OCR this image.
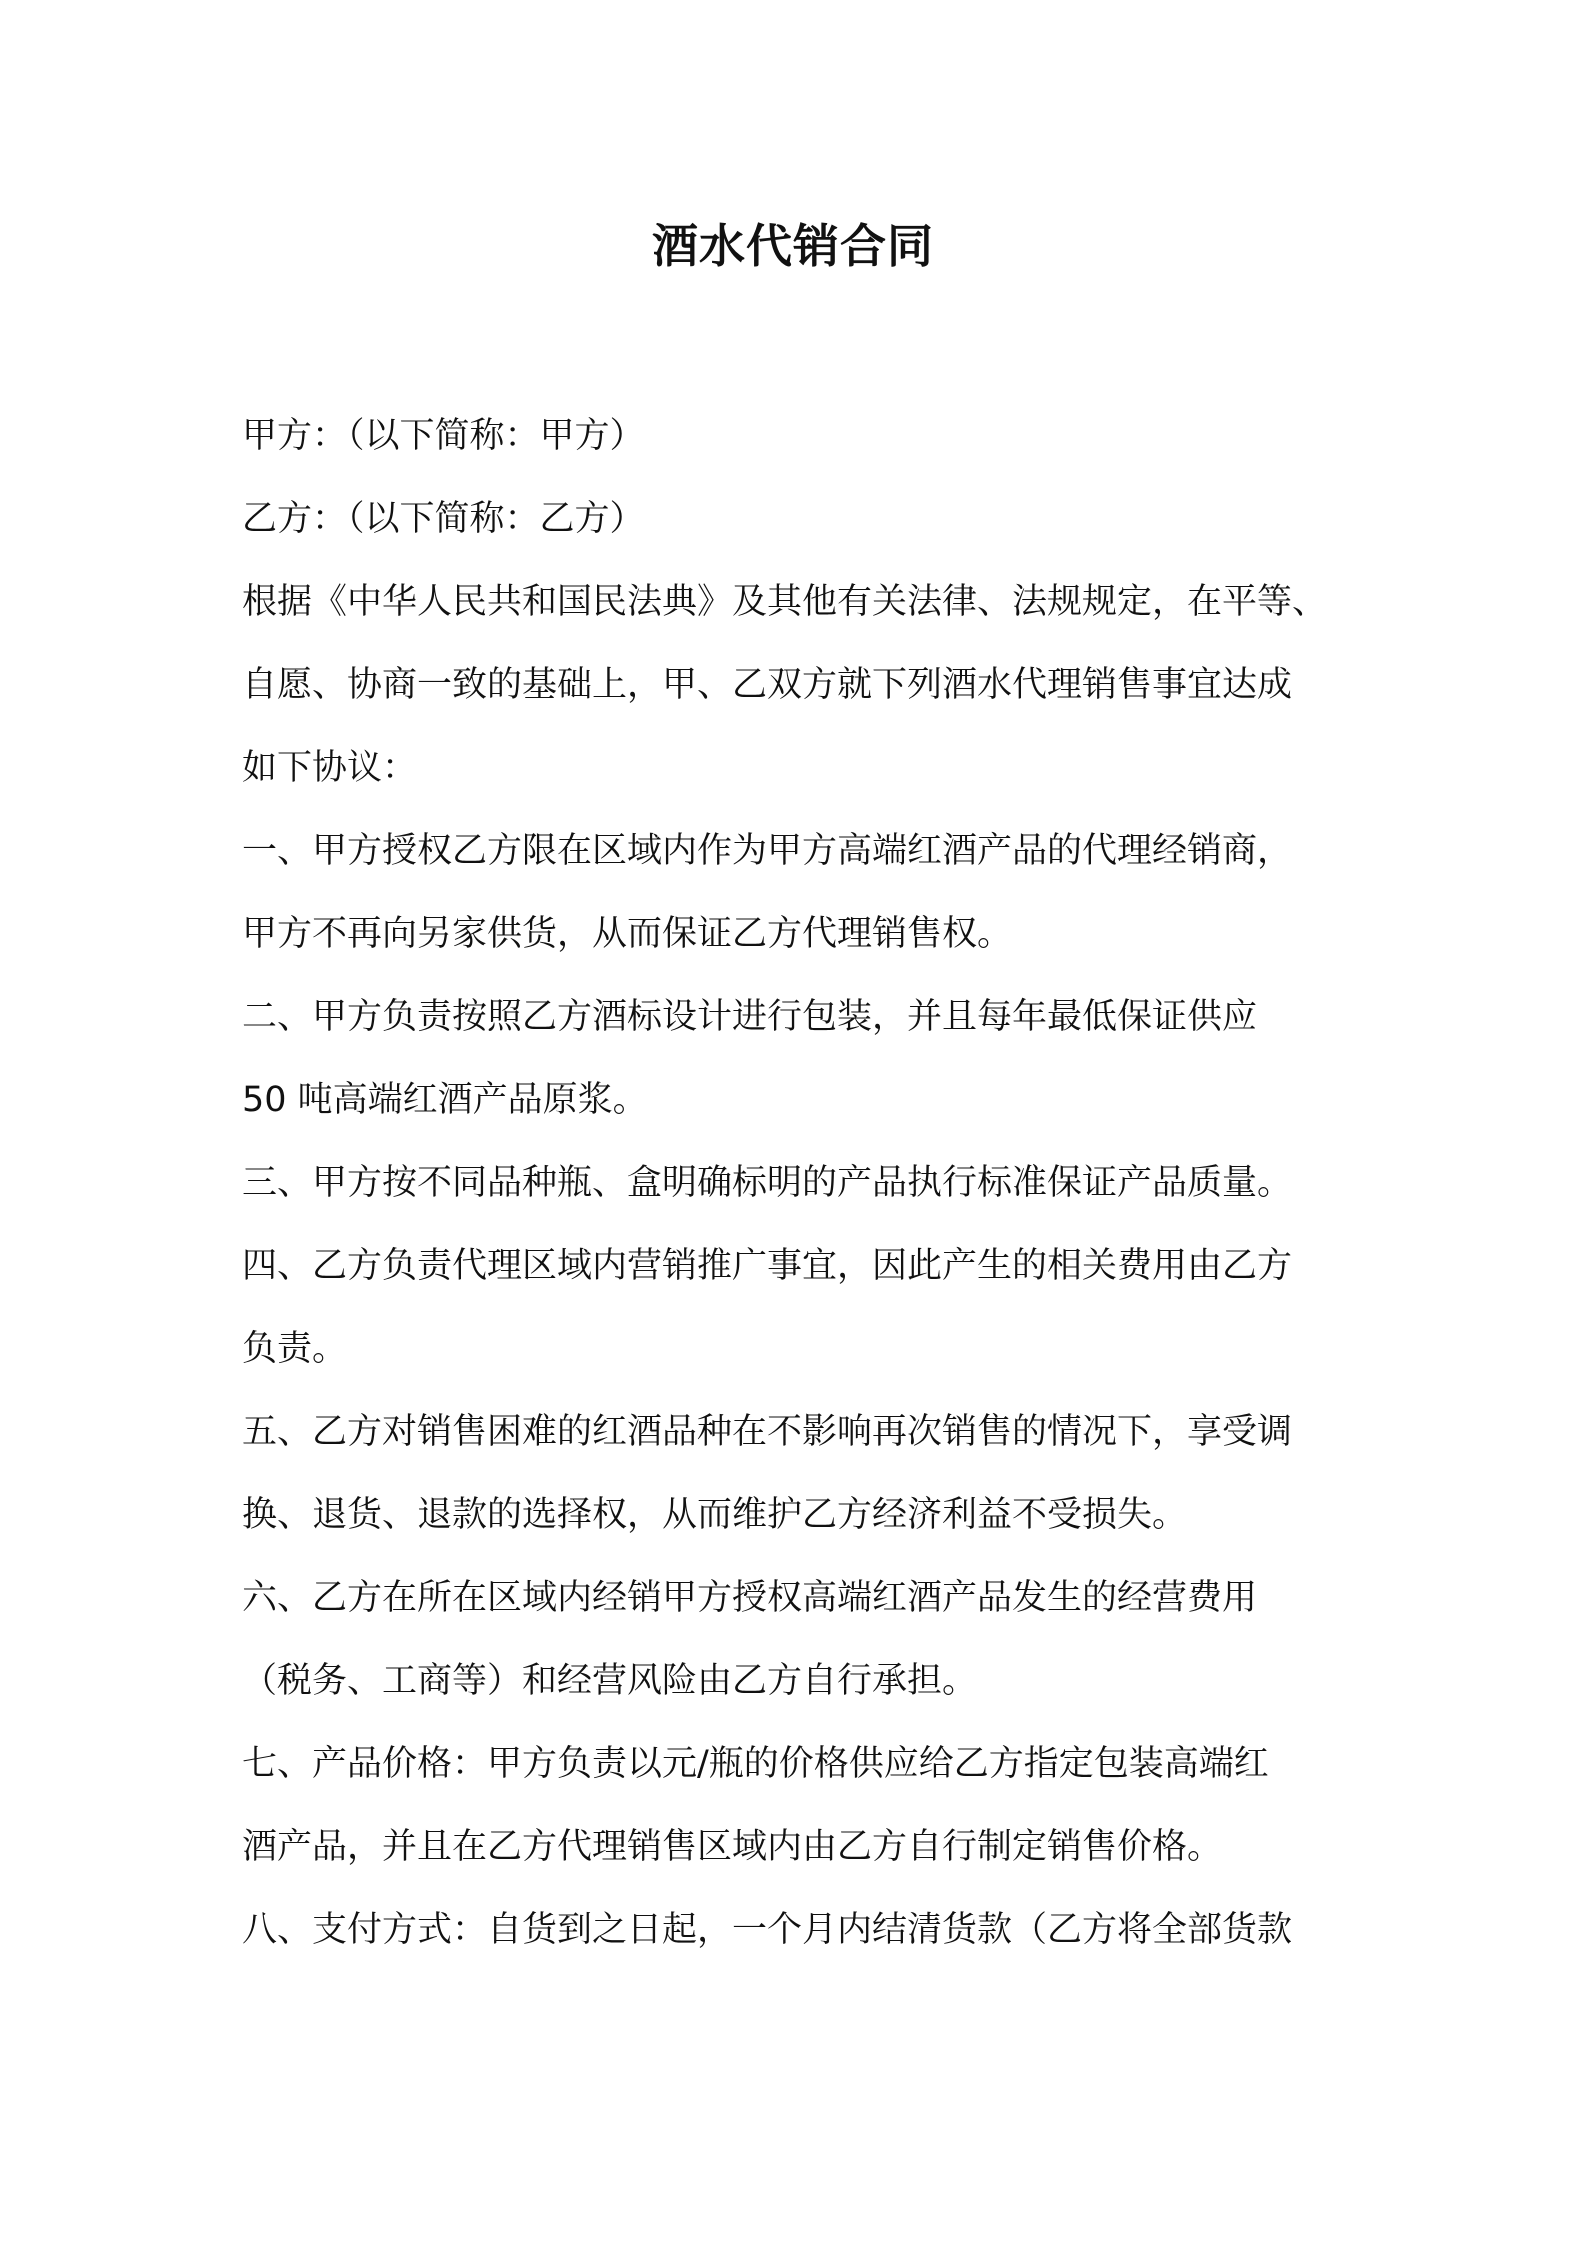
酒水代销合同
甲方：（以下简称：甲方）
乙方：（以下简称：乙方）
根据《中华人民共和国民法典》及其他有关法律、法规规定，在平等、
自愿、协商一致的基础上，甲、乙双方就下列酒水代理销售事宜达成
如下协议：
一、甲方授权乙方限在区域内作为甲方高端红酒产品的代理经销商，
甲方不再向另家供货，从而保证乙方代理销售权。
二、甲方负责按照乙方酒标设计进行包装，并且每年最低保证供应
50 吨高端红酒产品原浆。
三、甲方按不同品种瓶、盒明确标明的产品执行标准保证产品质量。
四、乙方负责代理区域内营销推广事宜，因此产生的相关费用由乙方
负责。
五、乙方对销售困难的红酒品种在不影响再次销售的情况下，享受调
换、退货、退款的选择权，从而维护乙方经济利益不受损失。
六、乙方在所在区域内经销甲方授权高端红酒产品发生的经营费用
（税务、工商等）和经营风险由乙方自行承担。
七、产品价格：甲方负责以元/瓶的价格供应给乙方指定包装高端红
酒产品，并且在乙方代理销售区域内由乙方自行制定销售价格。
八、支付方式：自货到之日起，一个月内结清货款（乙方将全部货款
